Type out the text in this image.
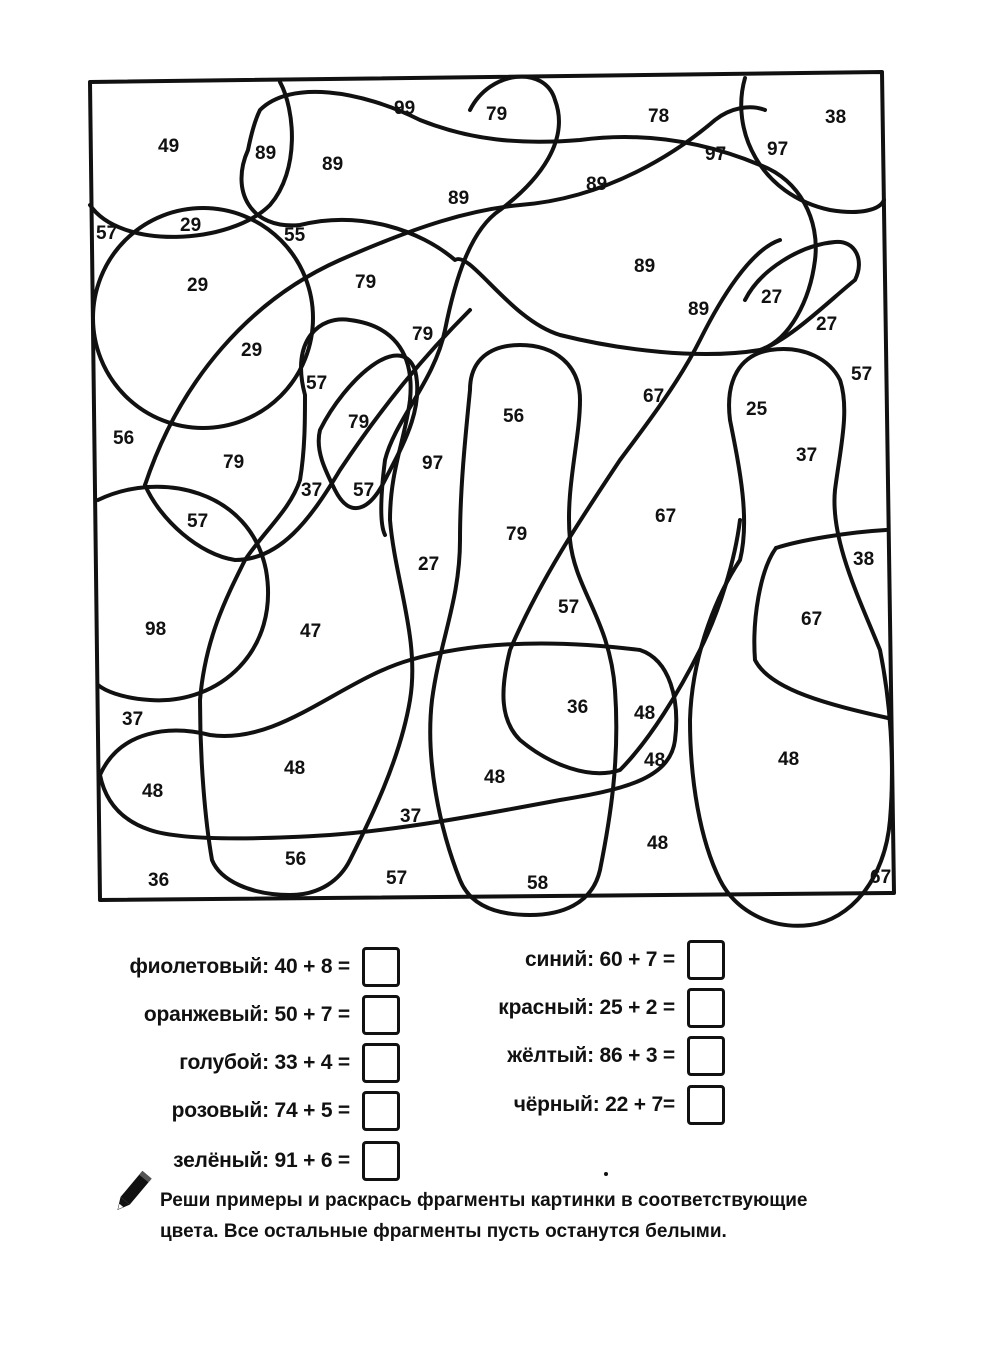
49	89
89
99	79	78
97 97
38
57	29	55
89
89
29	79
89
29
79
89
27
27
57
57
79
56
56
67
25
37
79	97
37 57
57
79
67
27	38
98	47
57
67
37
36 48
48
48	48
48
48
37
48
36
56
57	58	67
фиолетовый: 40 + 8 =
оранжевый: 50 + 7 =
голубой: 33 + 4 =
розовый: 74 + 5 =
зелёный: 91 + 6 =
синий: 60 + 7 =
красный: 25 + 2 =
жёлтый: 86 + 3 =
чёрный: 22 + 7=
Реши примеры и раскрась фрагменты картинки в соответствующие
цвета. Все остальные фрагменты пусть останутся белыми.
